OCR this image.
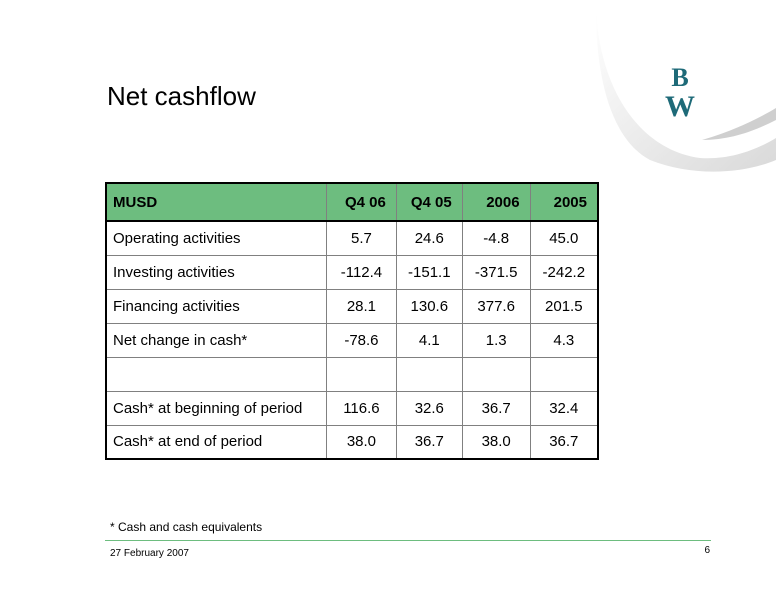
B
W
Net cashflow
MUSD	Q4 06	Q4 05	2006	2005
Operating activities	5.7	24.6	-4.8	45.0
Investing activities	-112.4	-151.1	-371.5	-242.2
Financing activities	28.1	130.6	377.6	201.5
Net change in cash*	-78.6	4.1	1.3	4.3

Cash* at beginning of period	116.6	32.6	36.7	32.4
Cash* at end of period	38.0	36.7	38.0	36.7
* Cash and cash equivalents
27 February 2007	6
